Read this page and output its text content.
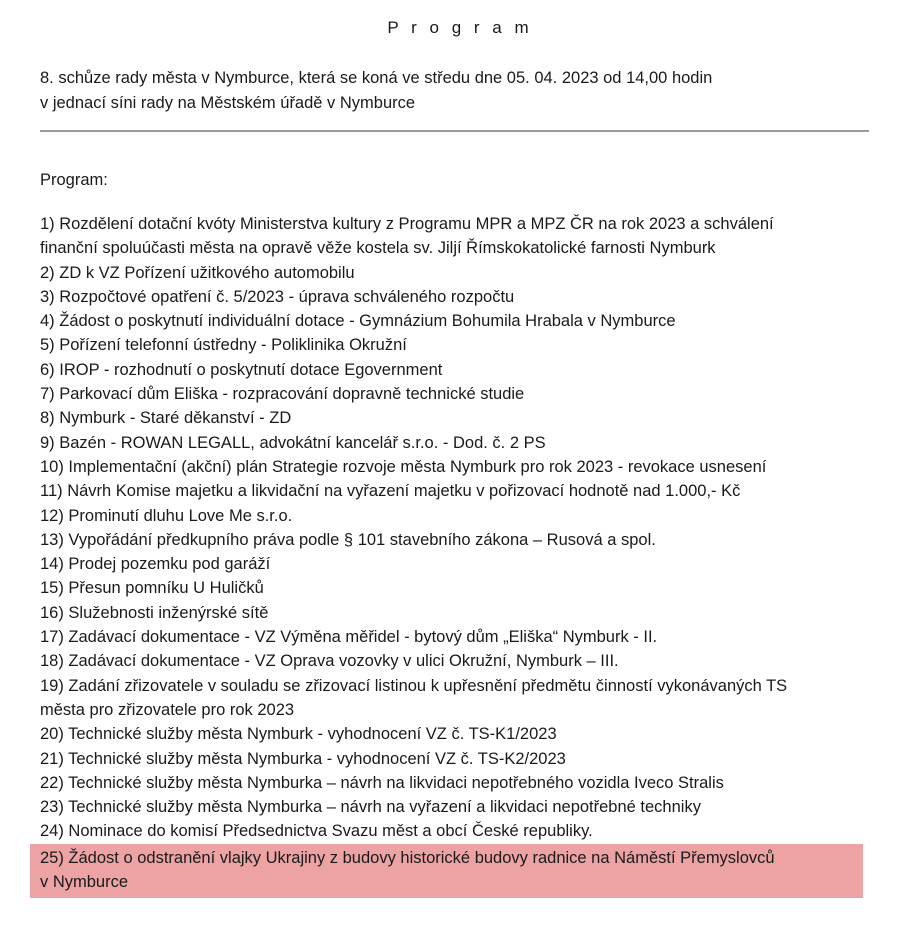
P r o g r a m

8. schůze rady města v Nymburce, která se koná ve středu dne 05. 04. 2023 od 14,00 hodin

v jednací síni rady na Městském úřadě v Nymburce

Program:
1) Rozdělení dotační kvóty Ministerstva kultury z Programu MPR a MPZ ČR na rok 2023 a schválení
finanční spoluúčasti města na opravě věže kostela sv. Jiljí Římskokatolické farnosti Nymburk
2) ZD k VZ Pořízení užitkového automobilu
3) Rozpočtové opatření č. 5/2023 - úprava schváleného rozpočtu
4) Žádost o poskytnutí individuální dotace - Gymnázium Bohumila Hrabala v Nymburce
5) Pořízení telefonní ústředny - Poliklinika Okružní
6) IROP - rozhodnutí o poskytnutí dotace Egovernment
7) Parkovací dům Eliška - rozpracování dopravně technické studie
8) Nymburk - Staré děkanství - ZD
9) Bazén - ROWAN LEGALL, advokátní kancelář s.r.o. - Dod. č. 2 PS
10) Implementační (akční) plán Strategie rozvoje města Nymburk pro rok 2023 - revokace usnesení
11) Návrh Komise majetku a likvidační na vyřazení majetku v pořizovací hodnotě nad 1.000,- Kč
12) Prominutí dluhu Love Me s.r.o.
13) Vypořádání předkupního práva podle § 101 stavebního zákona – Rusová a spol.
14) Prodej pozemku pod garáží
15) Přesun pomníku U Huličků
16) Služebnosti inženýrské sítě
17) Zadávací dokumentace - VZ Výměna měřidel - bytový dům „Eliška“ Nymburk - II.
18) Zadávací dokumentace - VZ Oprava vozovky v ulici Okružní, Nymburk – III.
19) Zadání zřizovatele v souladu se zřizovací listinou k upřesnění předmětu činností vykonávaných TS
města pro zřizovatele pro rok 2023
20) Technické služby města Nymburk - vyhodnocení VZ č. TS-K1/2023
21) Technické služby města Nymburka - vyhodnocení VZ č. TS-K2/2023
22) Technické služby města Nymburka – návrh na likvidaci nepotřebného vozidla Iveco Stralis
23) Technické služby města Nymburka – návrh na vyřazení a likvidaci nepotřebné techniky
24) Nominace do komisí Předsednictva Svazu měst a obcí České republiky.
25) Žádost o odstranění vlajky Ukrajiny z budovy historické budovy radnice na Náměstí Přemyslovců
v Nymburce
